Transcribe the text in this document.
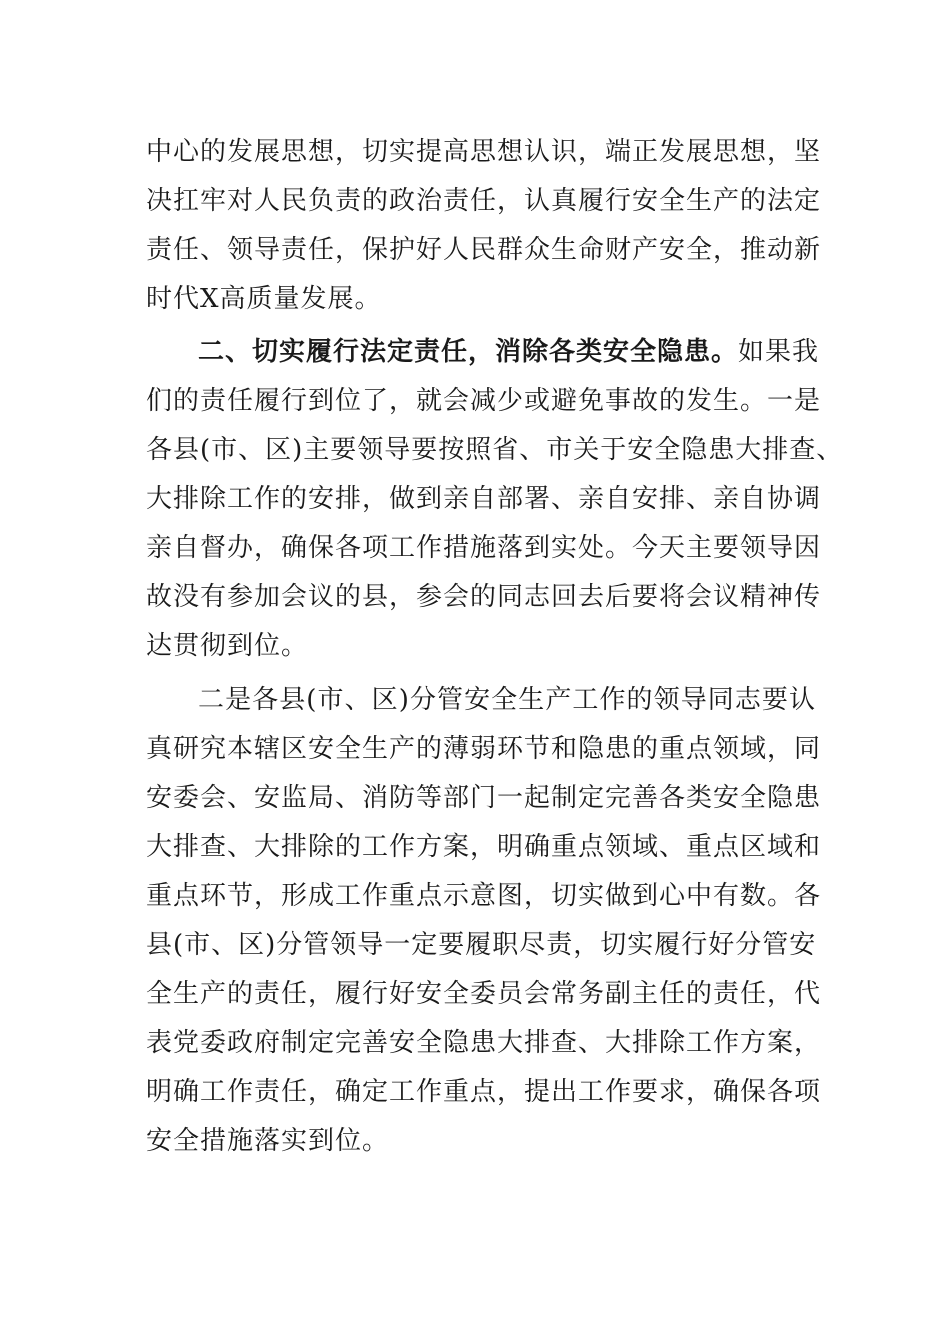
中心的发展思想，切实提高思想认识，端正发展思想，坚
决扛牢对人民负责的政治责任，认真履行安全生产的法定
责任、领导责任，保护好人民群众生命财产安全，推动新
时代X高质量发展。
二、切实履行法定责任，消除各类安全隐患。如果我
们的责任履行到位了，就会减少或避免事故的发生。一是
各县(市、区)主要领导要按照省、市关于安全隐患大排查、
大排除工作的安排，做到亲自部署、亲自安排、亲自协调
亲自督办，确保各项工作措施落到实处。今天主要领导因
故没有参加会议的县，参会的同志回去后要将会议精神传
达贯彻到位。
二是各县(市、区)分管安全生产工作的领导同志要认
真研究本辖区安全生产的薄弱环节和隐患的重点领域，同
安委会、安监局、消防等部门一起制定完善各类安全隐患
大排查、大排除的工作方案，明确重点领域、重点区域和
重点环节，形成工作重点示意图，切实做到心中有数。各
县(市、区)分管领导一定要履职尽责，切实履行好分管安
全生产的责任，履行好安全委员会常务副主任的责任，代
表党委政府制定完善安全隐患大排查、大排除工作方案，
明确工作责任，确定工作重点，提出工作要求，确保各项
安全措施落实到位。
